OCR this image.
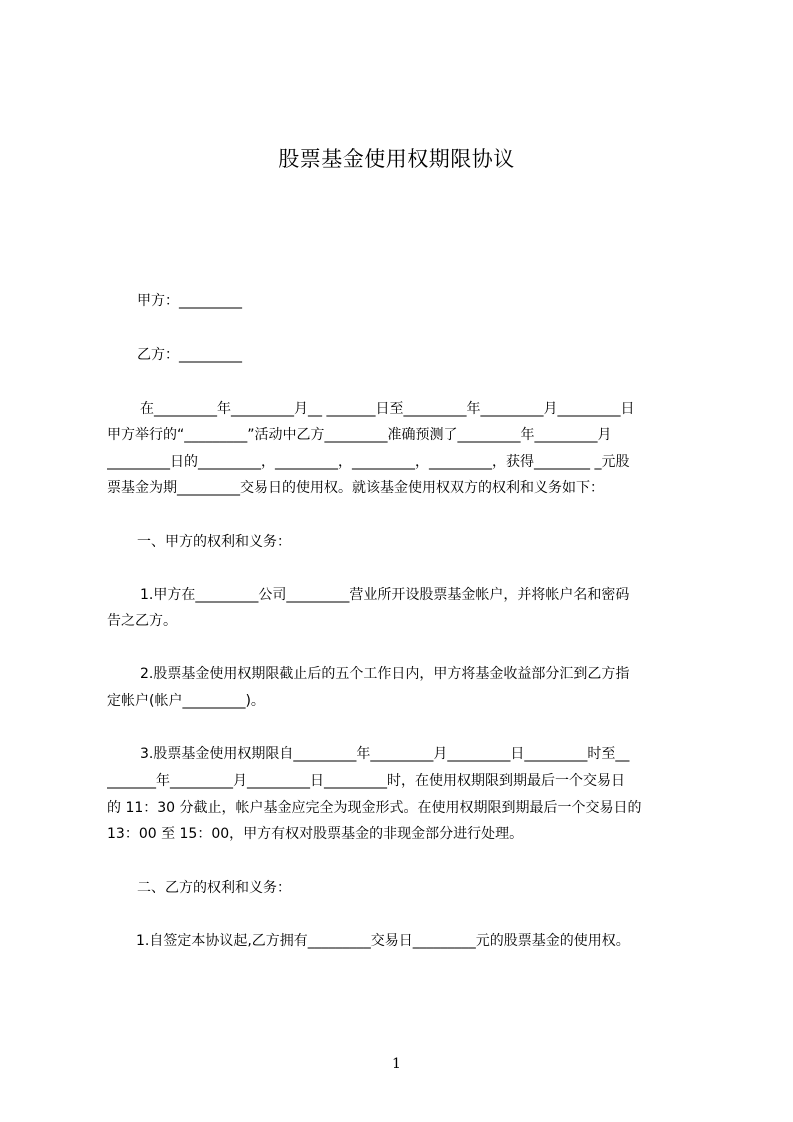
股票基金使用权期限协议
甲方：_________
乙方：_________
在_________年_________月__ _______日至_________年_________月_________日
甲方举行的“_________”活动中乙方_________准确预测了_________年_________月
_________日的_________，_________，_________，_________，获得________ _元股
票基金为期_________交易日的使用权。就该基金使用权双方的权利和义务如下：
一、甲方的权利和义务：
1.甲方在_________公司_________营业所开设股票基金帐户，并将帐户名和密码
告之乙方。
2.股票基金使用权期限截止后的五个工作日内，甲方将基金收益部分汇到乙方指
定帐户(帐户_________)。
3.股票基金使用权期限自_________年_________月_________日_________时至__
_______年_________月_________日_________时，在使用权期限到期最后一个交易日
的 11：30 分截止，帐户基金应完全为现金形式。在使用权期限到期最后一个交易日的
13：00 至 15：00，甲方有权对股票基金的非现金部分进行处理。
二、乙方的权利和义务：
1.自签定本协议起,乙方拥有_________交易日_________元的股票基金的使用权。
1
